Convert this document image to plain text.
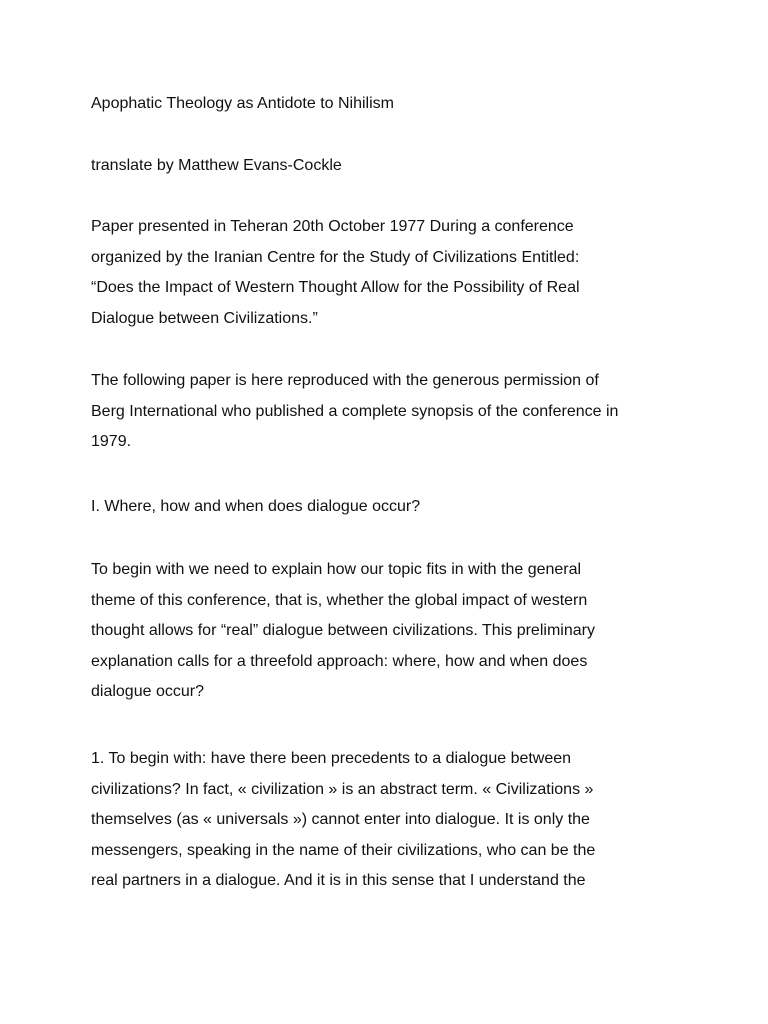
Apophatic Theology as Antidote to Nihilism
translate by Matthew Evans-Cockle
Paper presented in Teheran 20th October 1977 During a conference
organized by the Iranian Centre for the Study of Civilizations Entitled:
“Does the Impact of Western Thought Allow for the Possibility of Real
Dialogue between Civilizations.”
The following paper is here reproduced with the generous permission of
Berg International who published a complete synopsis of the conference in
1979.
I. Where, how and when does dialogue occur?
To begin with we need to explain how our topic fits in with the general
theme of this conference, that is, whether the global impact of western
thought allows for “real” dialogue between civilizations. This preliminary
explanation calls for a threefold approach: where, how and when does
dialogue occur?
1. To begin with: have there been precedents to a dialogue between
civilizations? In fact, « civilization » is an abstract term. « Civilizations »
themselves (as « universals ») cannot enter into dialogue. It is only the
messengers, speaking in the name of their civilizations, who can be the
real partners in a dialogue. And it is in this sense that I understand the
